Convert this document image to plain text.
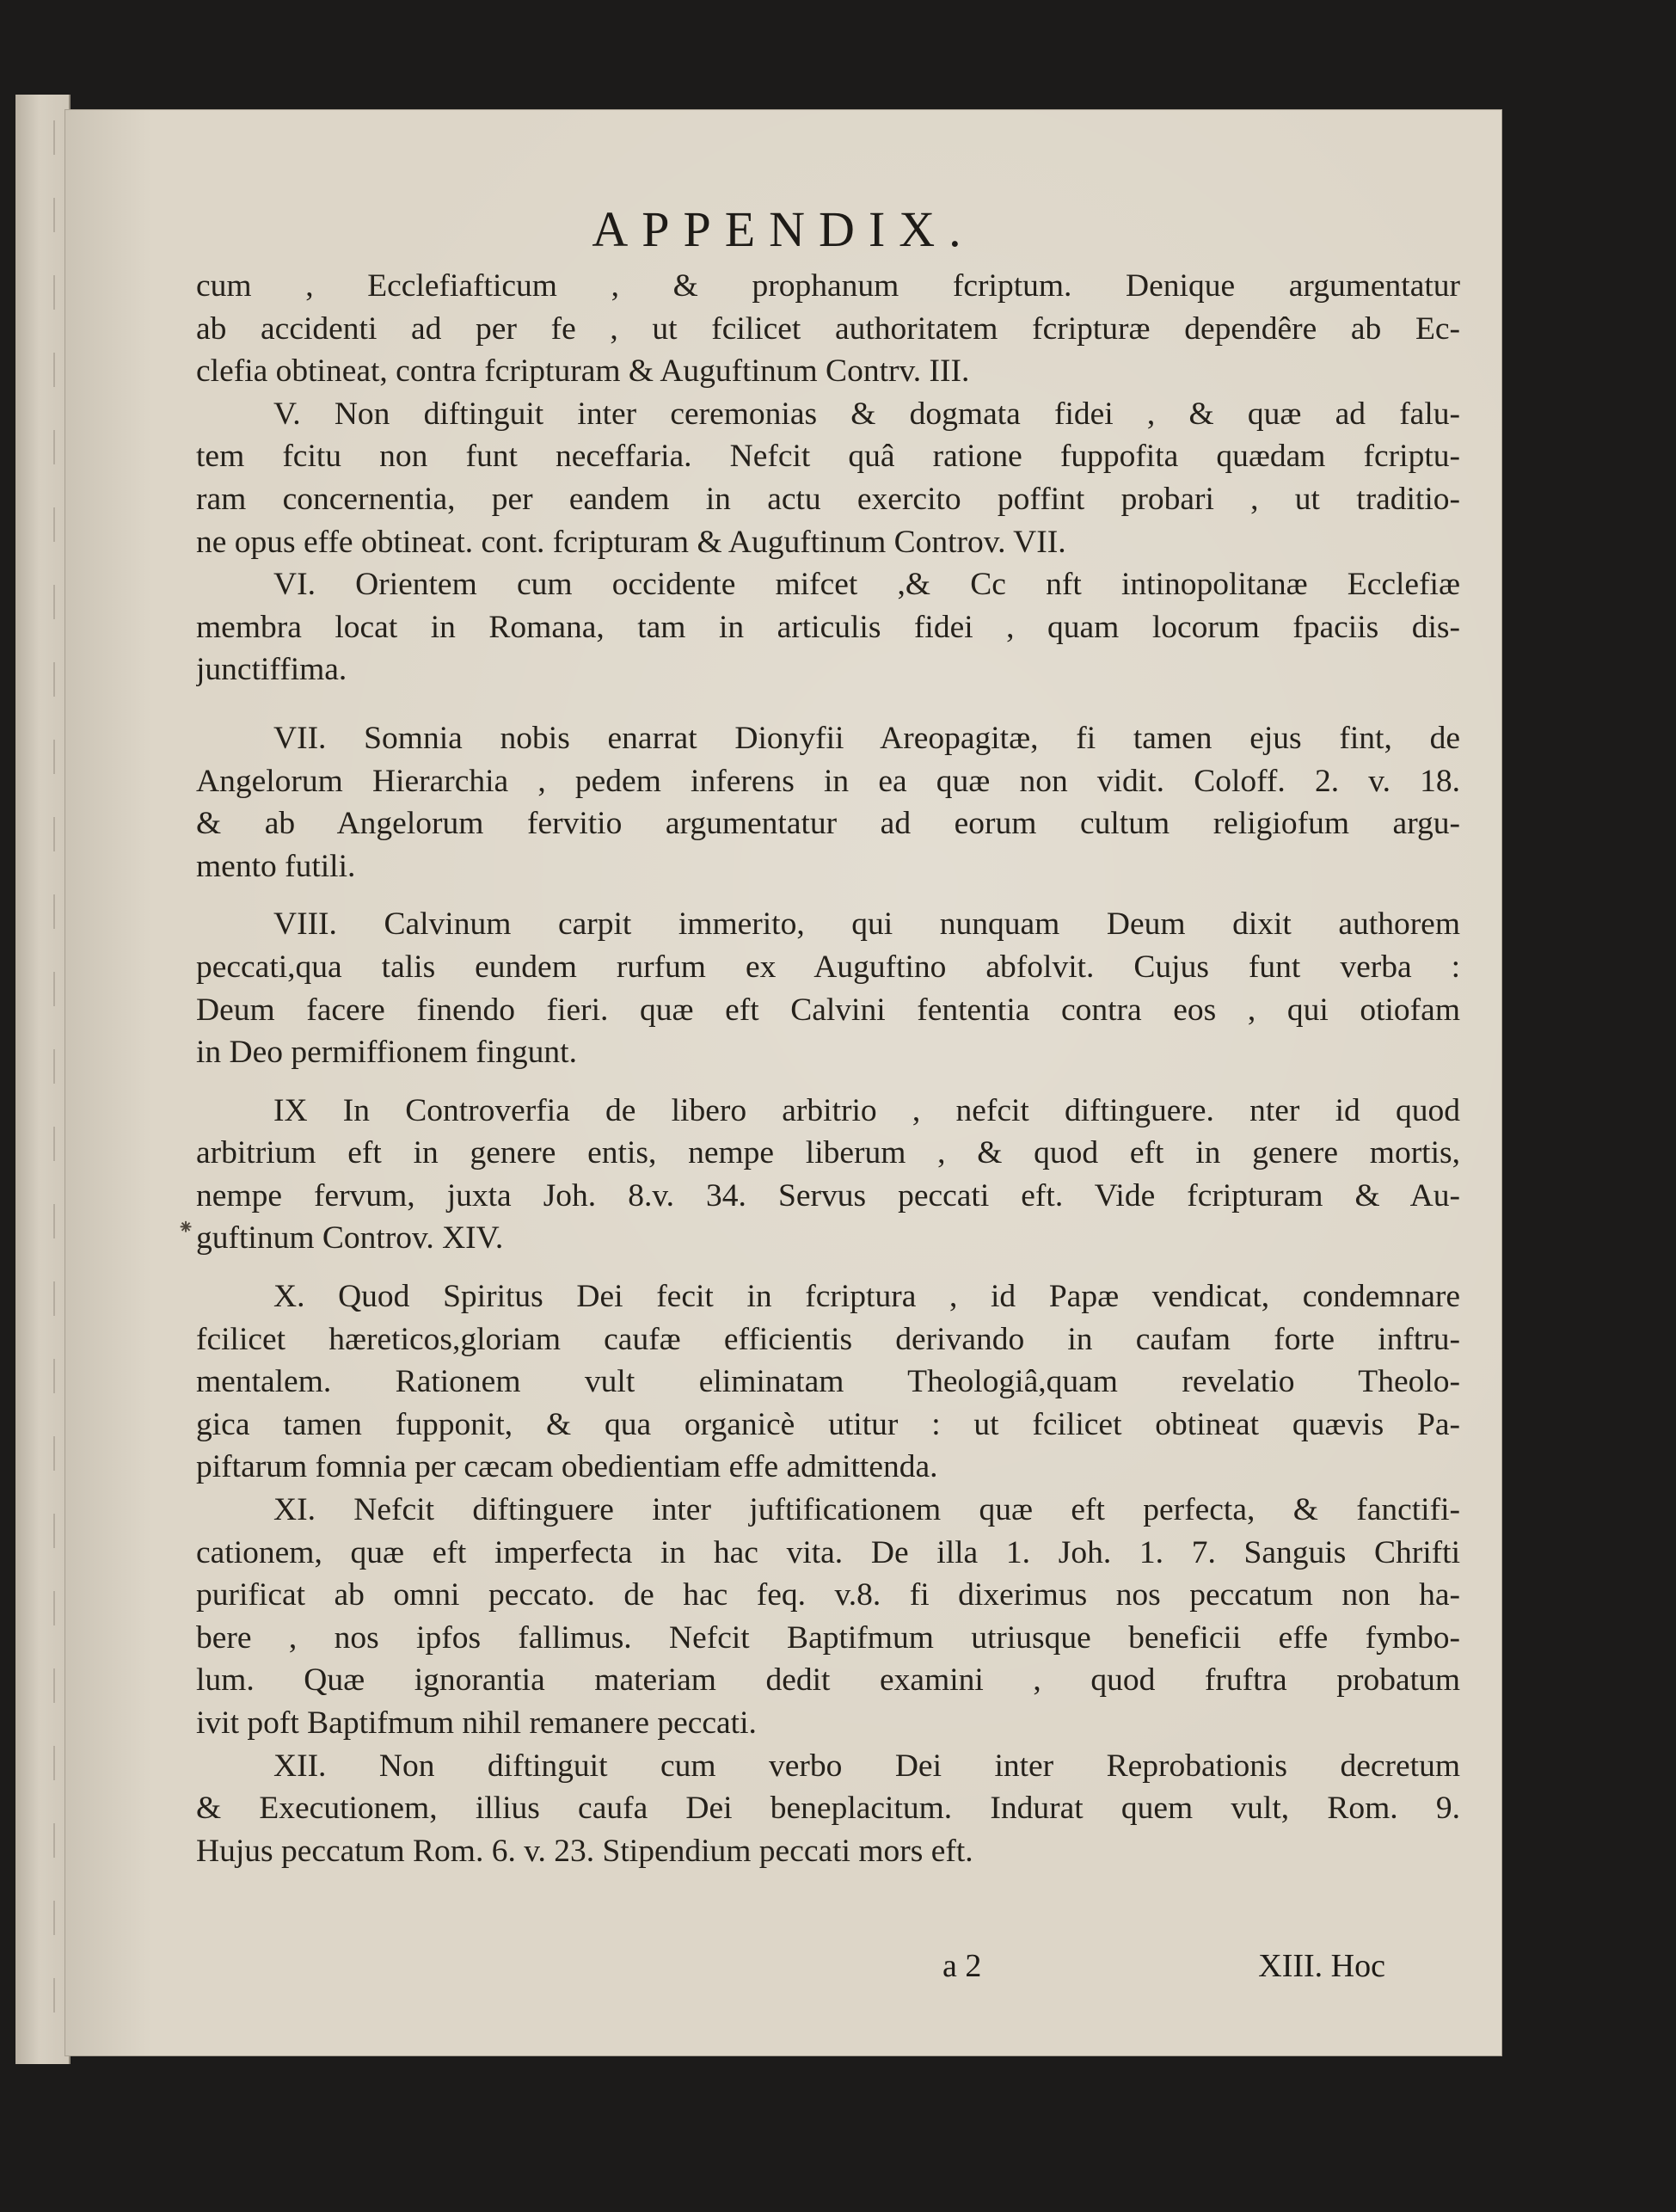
APPENDIX.
⁕
cum , Ecclefiafticum , & prophanum fcriptum. Denique argumentatur
ab accidenti ad per fe , ut fcilicet authoritatem fcripturæ dependêre ab Ec-
clefia obtineat, contra fcripturam & Auguftinum Contrv. III.
V. Non diftinguit inter ceremonias & dogmata fidei , & quæ ad falu-
tem fcitu non funt neceffaria. Nefcit quâ ratione fuppofita quædam fcriptu-
ram concernentia, per eandem in actu exercito poffint probari , ut traditio-
ne opus effe obtineat. cont. fcripturam & Auguftinum Controv. VII.
VI. Orientem cum occidente mifcet ,& Cc nft intinopolitanæ Ecclefiæ
membra locat in Romana, tam in articulis fidei , quam locorum fpaciis dis-
junctiffima.
VII. Somnia nobis enarrat Dionyfii Areopagitæ, fi tamen ejus fint, de
Angelorum Hierarchia , pedem inferens in ea quæ non vidit. Coloff. 2. v. 18.
& ab Angelorum fervitio argumentatur ad eorum cultum religiofum argu-
mento futili.
VIII. Calvinum carpit immerito, qui nunquam Deum dixit authorem
peccati,qua talis eundem rurfum ex Auguftino abfolvit. Cujus funt verba :
Deum facere finendo fieri. quæ eft Calvini fententia contra eos , qui otiofam
in Deo permiffionem fingunt.
IX In Controverfia de libero arbitrio , nefcit diftinguere. nter id quod
arbitrium eft in genere entis, nempe liberum , & quod eft in genere mortis,
nempe fervum, juxta Joh. 8.v. 34. Servus peccati eft. Vide fcripturam & Au-
guftinum Controv. XIV.
X. Quod Spiritus Dei fecit in fcriptura , id Papæ vendicat, condemnare
fcilicet hæreticos,gloriam caufæ efficientis derivando in caufam forte inftru-
mentalem. Rationem vult eliminatam Theologiâ,quam revelatio Theolo-
gica tamen fupponit, & qua organicè utitur : ut fcilicet obtineat quævis Pa-
piftarum fomnia per cæcam obedientiam effe admittenda.
XI. Nefcit diftinguere inter juftificationem quæ eft perfecta, & fanctifi-
cationem, quæ eft imperfecta in hac vita. De illa 1. Joh. 1. 7. Sanguis Chrifti
purificat ab omni peccato. de hac feq. v.8. fi dixerimus nos peccatum non ha-
bere , nos ipfos fallimus. Nefcit Baptifmum utriusque beneficii effe fymbo-
lum. Quæ ignorantia materiam dedit examini , quod fruftra probatum
ivit poft Baptifmum nihil remanere peccati.
XII. Non diftinguit cum verbo Dei inter Reprobationis decretum
& Executionem, illius caufa Dei beneplacitum. Indurat quem vult, Rom. 9.
Hujus peccatum Rom. 6. v. 23. Stipendium peccati mors eft.
a 2	XIII. Hoc
